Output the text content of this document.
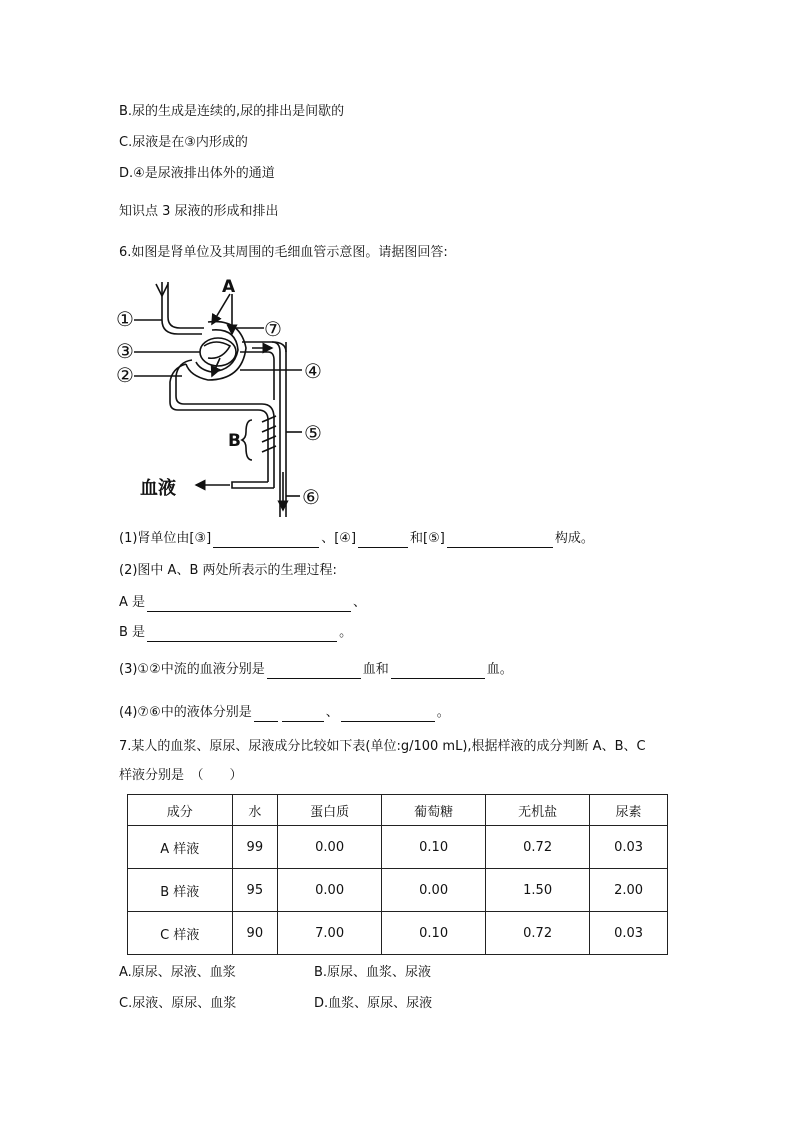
B.尿的生成是连续的,尿的排出是间歇的
C.尿液是在③内形成的
D.④是尿液排出体外的通道
知识点 3 尿液的形成和排出
6.如图是肾单位及其周围的毛细血管示意图。请据图回答:
①
③
②
⑦
④
⑤
⑥
A
B
血液
(1)肾单位由[③]	、[④]	和[⑤]	构成。
(2)图中 A、B 两处所表示的生理过程:
A 是	、
B 是	。
(3)①②中流的血液分别是	血和	血。
(4)⑦⑥中的液体分别是	、	。
7.某人的血浆、原尿、尿液成分比较如下表(单位:g/100 mL),根据样液的成分判断 A、B、C
样液分别是　（　　）
成分	水	蛋白质	葡萄糖	无机盐	尿素
A 样液	99	0.00	0.10	0.72	0.03
B 样液	95	0.00	0.00	1.50	2.00
C 样液	90	7.00	0.10	0.72	0.03
A.原尿、尿液、血浆	B.原尿、血浆、尿液
C.尿液、原尿、血浆	D.血浆、原尿、尿液
